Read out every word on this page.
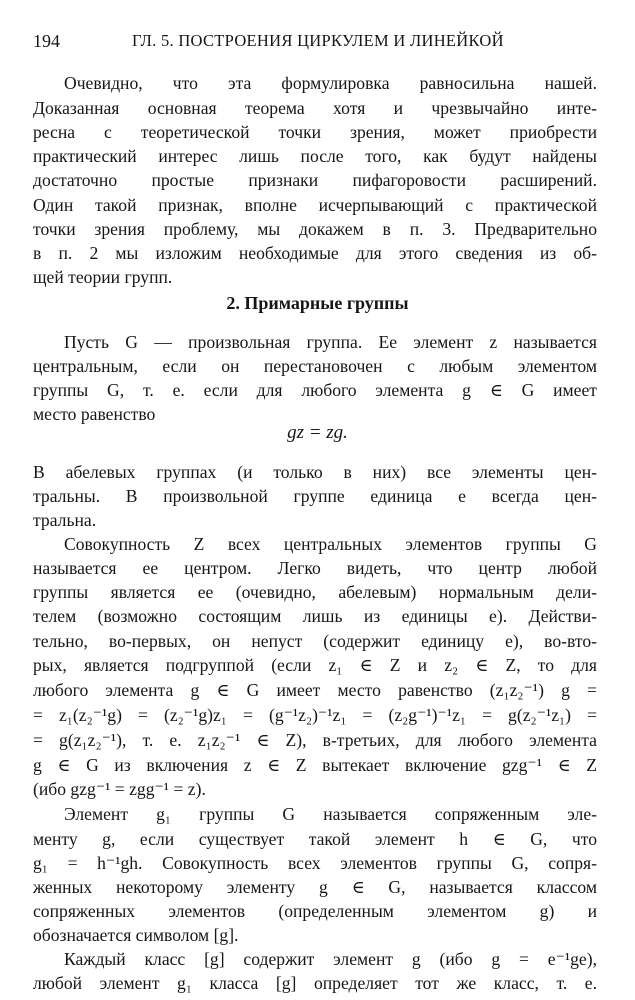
194	ГЛ. 5. ПОСТРОЕНИЯ ЦИРКУЛЕМ И ЛИНЕЙКОЙ
Очевидно, что эта формулировка равносильна нашей.
Доказанная основная теорема хотя и чрезвычайно инте-
ресна с теоретической точки зрения, может приобрести
практический интерес лишь после того, как будут найдены
достаточно простые признаки пифагоровости расширений.
Один такой признак, вполне исчерпывающий с практической
точки зрения проблему, мы докажем в п. 3. Предварительно
в п. 2 мы изложим необходимые для этого сведения из об-
щей теории групп.
2. Примарные группы
Пусть G — произвольная группа. Ее элемент z называется
центральным, если он перестановочен с любым элементом
группы G, т. е. если для любого элемента g ∈ G имеет
место равенство
gz = zg.
В абелевых группах (и только в них) все элементы цен-
тральны. В произвольной группе единица e всегда цен-
тральна.
Совокупность Z всех центральных элементов группы G
называется ее центром. Легко видеть, что центр любой
группы является ее (очевидно, абелевым) нормальным дели-
телем (возможно состоящим лишь из единицы e). Действи-
тельно, во-первых, он непуст (содержит единицу e), во-вто-
рых, является подгруппой (если z₁ ∈ Z и z₂ ∈ Z, то для
любого элемента g ∈ G имеет место равенство (z₁z₂⁻¹) g =
= z₁(z₂⁻¹g) = (z₂⁻¹g)z₁ = (g⁻¹z₂)⁻¹z₁ = (z₂g⁻¹)⁻¹z₁ = g(z₂⁻¹z₁) =
= g(z₁z₂⁻¹), т. е. z₁z₂⁻¹ ∈ Z), в-третьих, для любого элемента
g ∈ G из включения z ∈ Z вытекает включение gzg⁻¹ ∈ Z
(ибо gzg⁻¹ = zgg⁻¹ = z).
Элемент g₁ группы G называется сопряженным эле-
менту g, если существует такой элемент h ∈ G, что
g₁ = h⁻¹gh. Совокупность всех элементов группы G, сопря-
женных некоторому элементу g ∈ G, называется классом
сопряженных элементов (определенным элементом g) и
обозначается символом [g].
Каждый класс [g] содержит элемент g (ибо g = e⁻¹ge),
любой элемент g₁ класса [g] определяет тот же класс, т. е.
